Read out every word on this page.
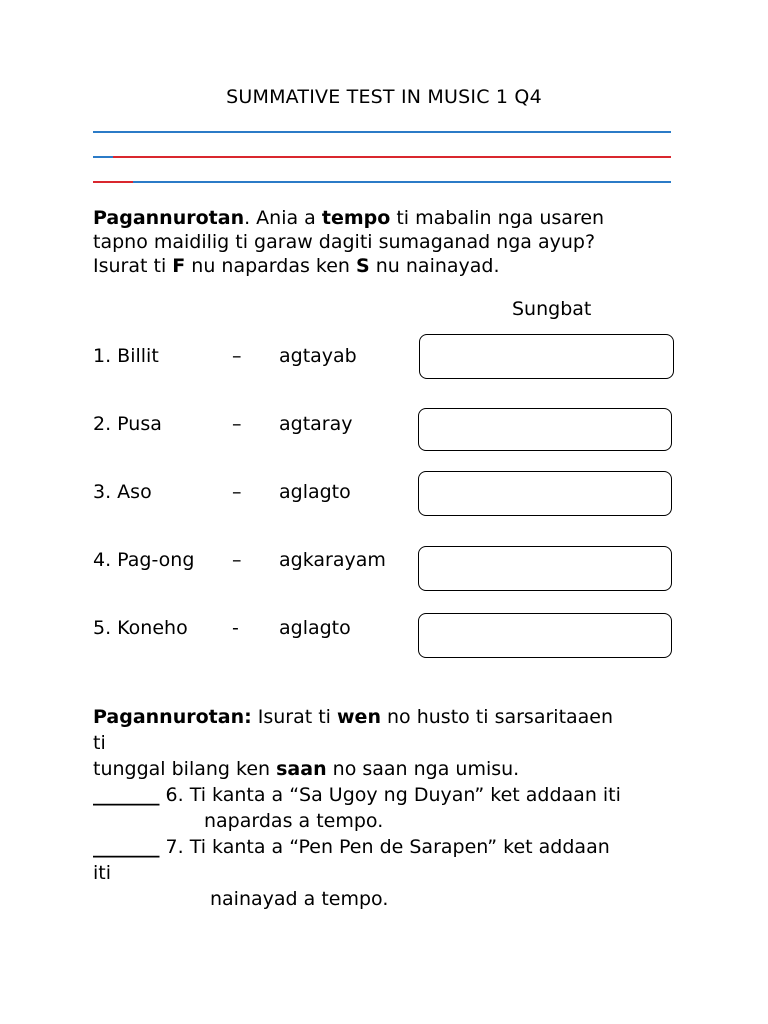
SUMMATIVE TEST IN MUSIC 1 Q4
Pagannurotan. Ania a tempo ti mabalin nga usaren
tapno maidilig ti garaw dagiti sumaganad nga ayup?
Isurat ti F nu napardas ken S nu nainayad.
Sungbat
1. Billit	– agtayab
2. Pusa	– agtaray
3. Aso	– aglagto
4. Pag-ong – agkarayam
5. Koneho - aglagto
Pagannurotan: Isurat ti wen no husto ti sarsaritaaen
ti
tunggal bilang ken saan no saan nga umisu.
_______ 6. Ti kanta a “Sa Ugoy ng Duyan” ket addaan iti
napardas a tempo.
_______ 7. Ti kanta a “Pen Pen de Sarapen” ket addaan
iti
nainayad a tempo.
